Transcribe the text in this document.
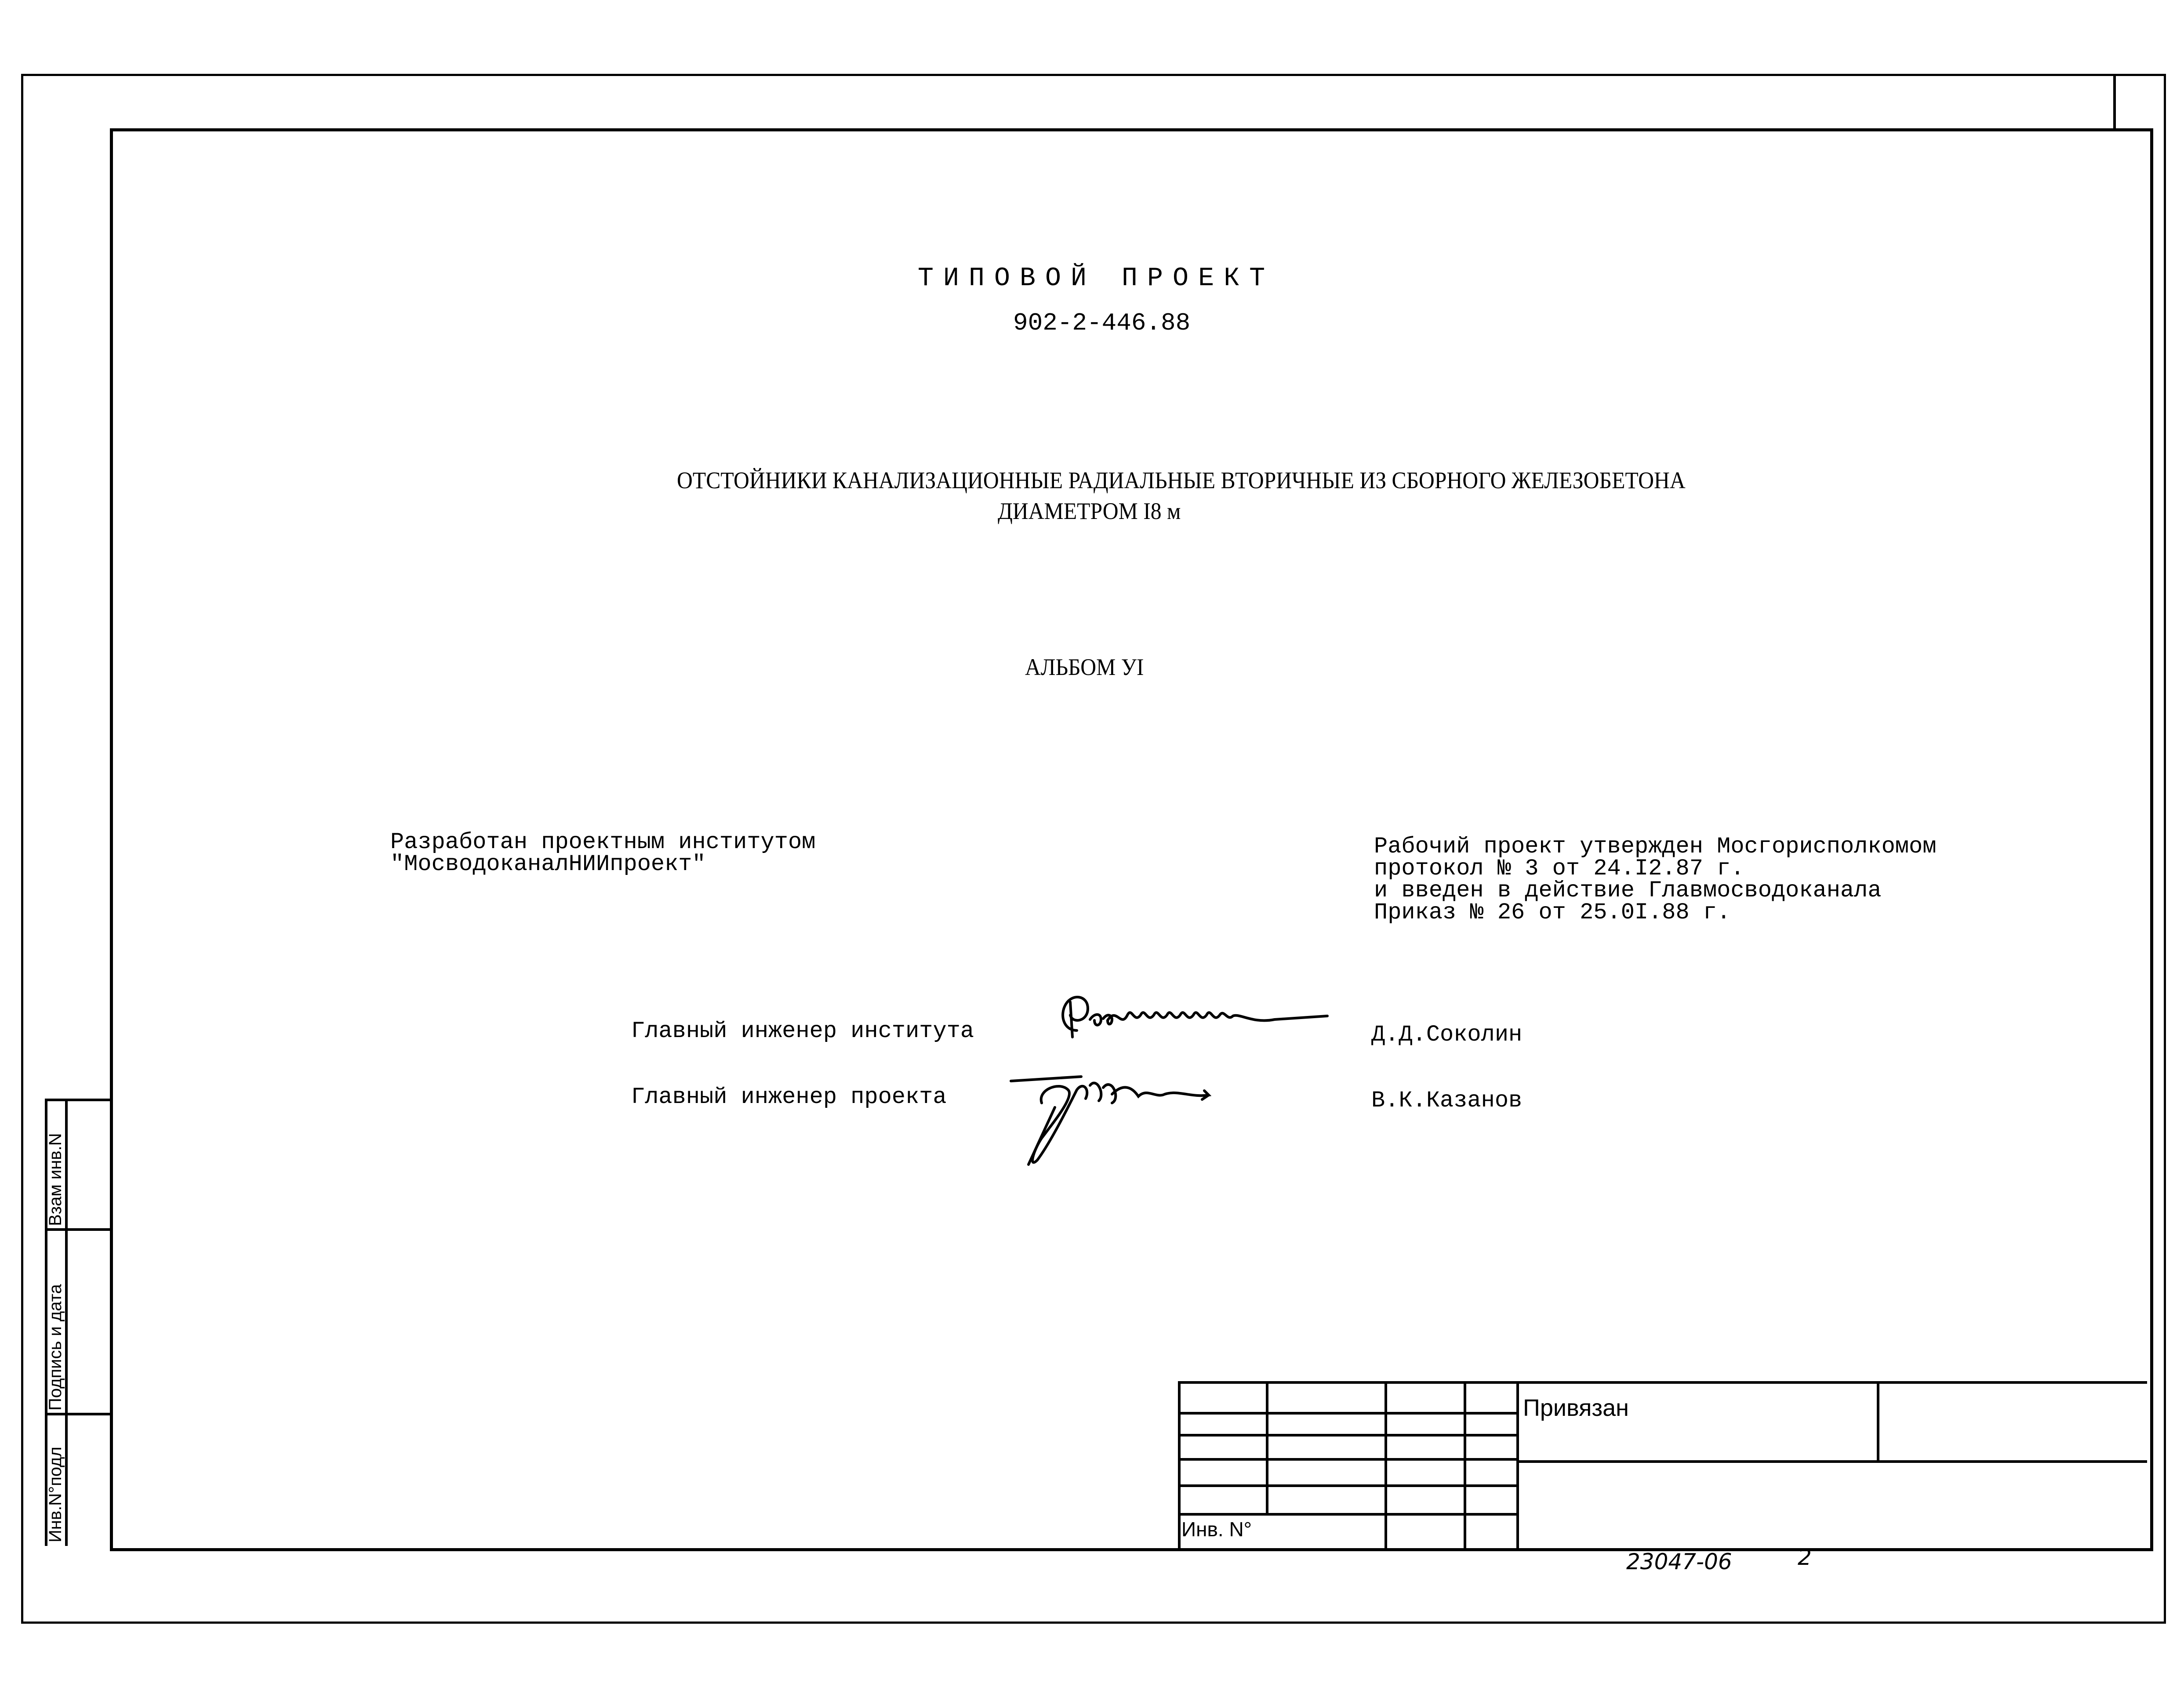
ТИПОВОЙ ПРОЕКТ
902-2-446.88
ОТСТОЙНИКИ КАНАЛИЗАЦИОННЫЕ РАДИАЛЬНЫЕ ВТОРИЧНЫЕ ИЗ СБОРНОГО ЖЕЛЕЗОБЕТОНА
ДИАМЕТРОМ I8 м
АЛЬБОМ УI
Разработан проектным институтом
"МосводоканалНИИпроект"
Рабочий проект утвержден Мосгорисполкомом
протокол № 3 от 24.I2.87 г.
и введен в действие Главмосводоканала
Приказ № 26 от 25.0I.88 г.
Главный инженер института	Д.Д.Соколин
Главный инженер проекта	В.К.Казанов
Инв.N°подл
Подпись и дата
Взам инв.N
Привязан
Инв. N°
23047-06	2
